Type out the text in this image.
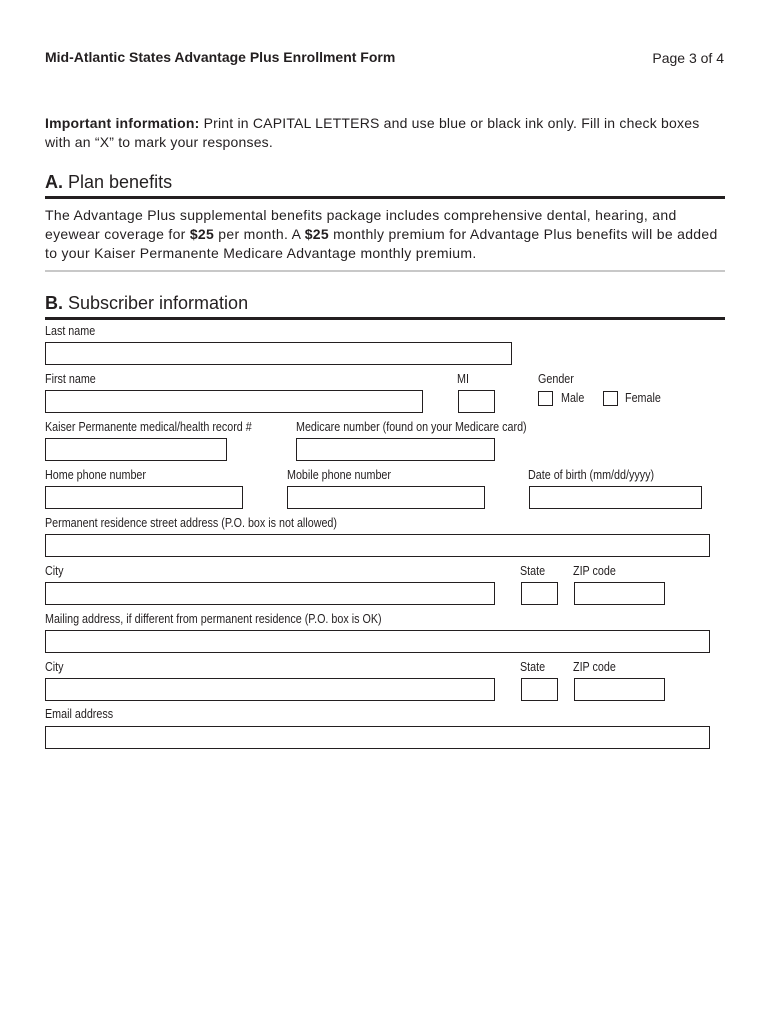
Mid-Atlantic States Advantage Plus Enrollment Form	Page 3 of 4
Important information: Print in CAPITAL LETTERS and use blue or black ink only. Fill in check boxes with an “X” to mark your responses.
A. Plan benefits
The Advantage Plus supplemental benefits package includes comprehensive dental, hearing, and eyewear coverage for $25 per month. A $25 monthly premium for Advantage Plus benefits will be added to your Kaiser Permanente Medicare Advantage monthly premium.
B. Subscriber information
Last name
First name	MI	Gender
Male	Female
Kaiser Permanente medical/health record #	Medicare number (found on your Medicare card)
Home phone number	Mobile phone number	Date of birth (mm/dd/yyyy)
Permanent residence street address (P.O. box is not allowed)
City	State ZIP code
Mailing address, if different from permanent residence (P.O. box is OK)
City	State ZIP code
Email address
